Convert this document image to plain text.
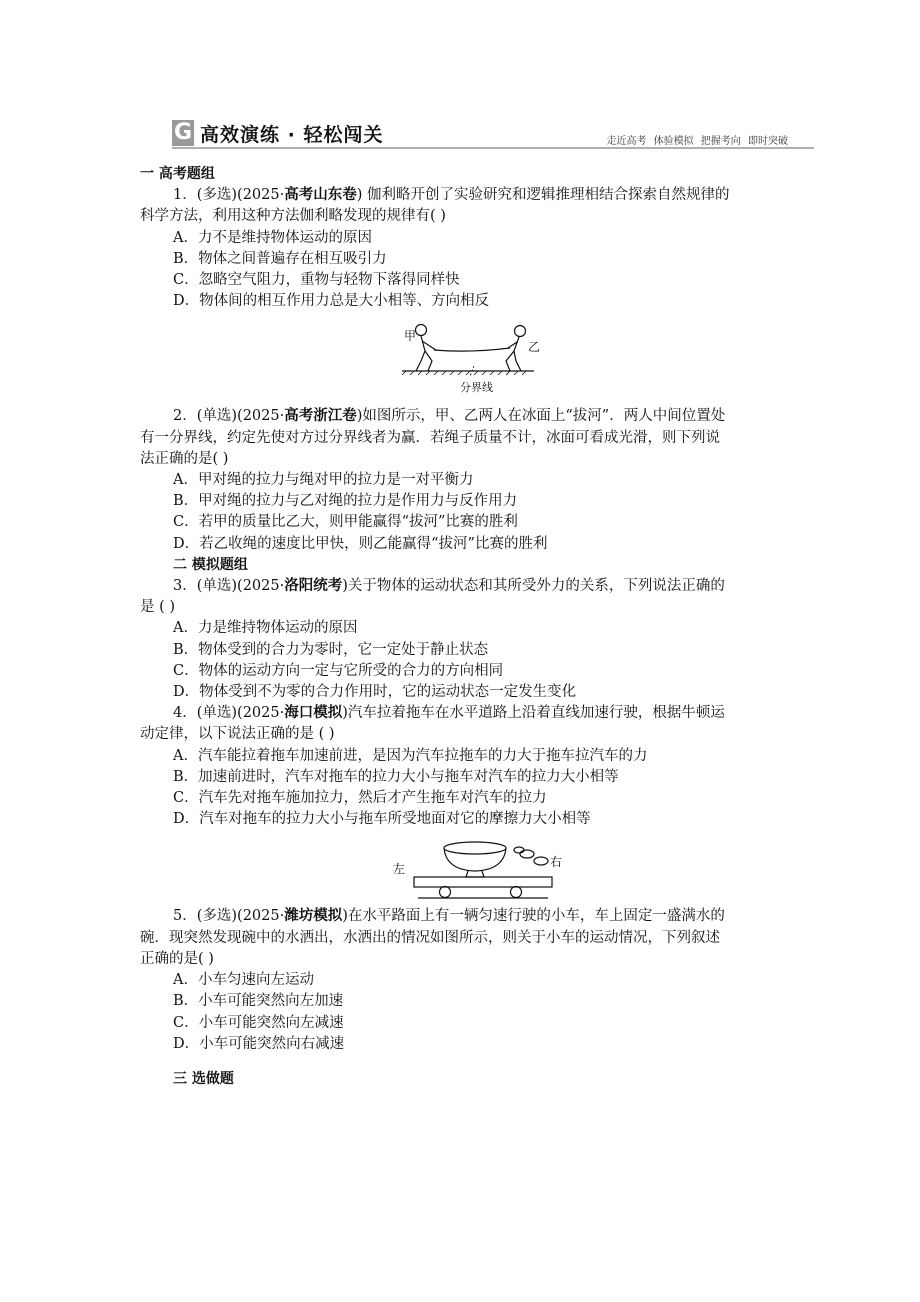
G 高效演练 · 轻松闯关	走近高考 体验模拟 把握考向 即时突破
一 高考题组
1．(多选)(2025·高考山东卷) 伽利略开创了实验研究和逻辑推理相结合探索自然规律的
科学方法，利用这种方法伽利略发现的规律有( )
A．力不是维持物体运动的原因
B．物体之间普遍存在相互吸引力
C．忽略空气阻力，重物与轻物下落得同样快
D．物体间的相互作用力总是大小相等、方向相反
甲
乙
分界线
2．(单选)(2025·高考浙江卷)如图所示，甲、乙两人在冰面上“拔河”．两人中间位置处
有一分界线，约定先使对方过分界线者为赢．若绳子质量不计，冰面可看成光滑，则下列说
法正确的是( )
A．甲对绳的拉力与绳对甲的拉力是一对平衡力
B．甲对绳的拉力与乙对绳的拉力是作用力与反作用力
C．若甲的质量比乙大，则甲能赢得“拔河”比赛的胜利
D．若乙收绳的速度比甲快，则乙能赢得“拔河”比赛的胜利
二 模拟题组
3．(单选)(2025·洛阳统考)关于物体的运动状态和其所受外力的关系，下列说法正确的
是 ( )
A．力是维持物体运动的原因
B．物体受到的合力为零时，它一定处于静止状态
C．物体的运动方向一定与它所受的合力的方向相同
D．物体受到不为零的合力作用时，它的运动状态一定发生变化
4．(单选)(2025·海口模拟)汽车拉着拖车在水平道路上沿着直线加速行驶，根据牛顿运
动定律，以下说法正确的是 ( )
A．汽车能拉着拖车加速前进，是因为汽车拉拖车的力大于拖车拉汽车的力
B．加速前进时，汽车对拖车的拉力大小与拖车对汽车的拉力大小相等
C．汽车先对拖车施加拉力，然后才产生拖车对汽车的拉力
D．汽车对拖车的拉力大小与拖车所受地面对它的摩擦力大小相等
左	右
5．(多选)(2025·潍坊模拟)在水平路面上有一辆匀速行驶的小车，车上固定一盛满水的
碗．现突然发现碗中的水洒出，水洒出的情况如图所示，则关于小车的运动情况，下列叙述
正确的是( )
A．小车匀速向左运动
B．小车可能突然向左加速
C．小车可能突然向左减速
D．小车可能突然向右减速
三 选做题
